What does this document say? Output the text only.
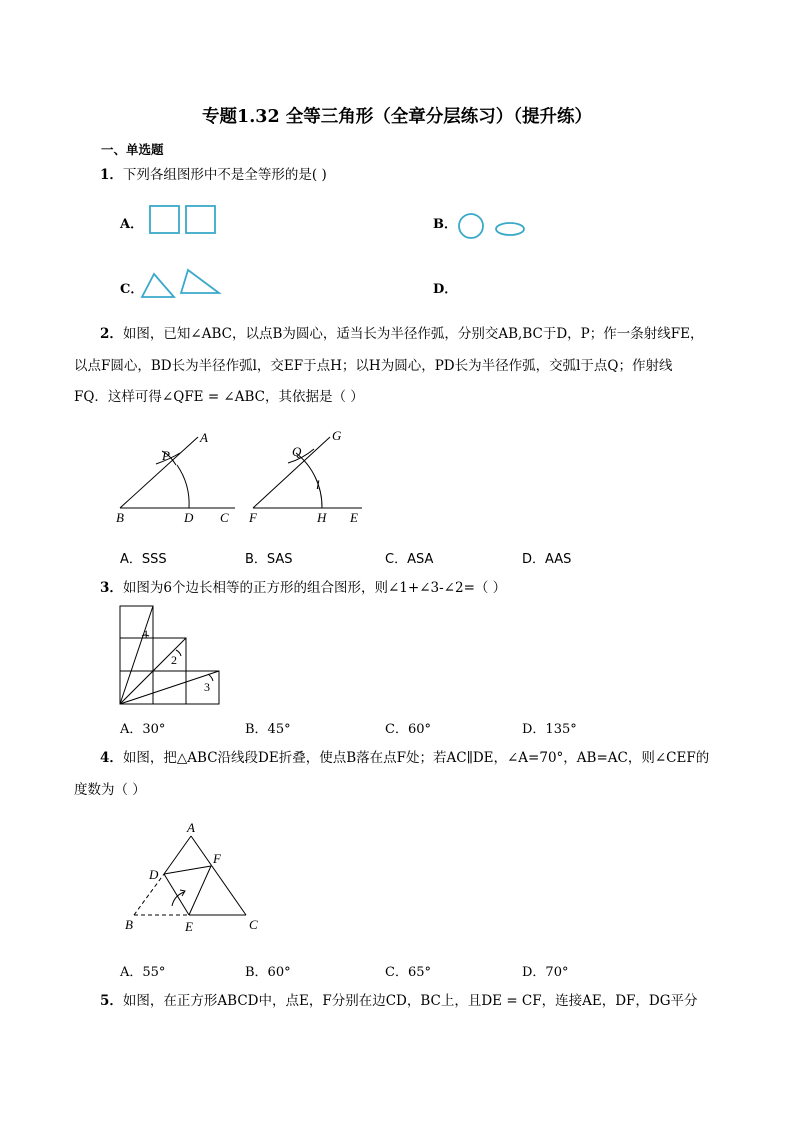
专题1.32 全等三角形（全章分层练习）（提升练）
一、单选题
1．下列各组图形中不是全等形的是( )
A．	B．
C．	D．
2．如图，已知∠ABC，以点B为圆心，适当长为半径作弧，分别交AB,BC于D，P；作一条射线FE，
以点F圆心，BD长为半径作弧l，交EF于点H；以H为圆心，PD长为半径作弧，交弧l于点Q；作射线
FQ．这样可得∠QFE = ∠ABC，其依据是（ ）
A
P
B	D C
G
Q
l
F	H E
A．SSS	B．SAS	C．ASA	D．AAS
3．如图为6个边长相等的正方形的组合图形，则∠1+∠3-∠2=（ ）
1
2
3
A．30°	B．45°	C．60°	D．135°
4．如图，把△ABC沿线段DE折叠，使点B落在点F处；若AC∥DE，∠A=70°，AB=AC，则∠CEF的
度数为（ ）
A
F
D
B	E	C
A．55°	B．60°	C．65°	D．70°
5．如图，在正方形ABCD中，点E，F分别在边CD，BC上，且DE = CF，连接AE，DF，DG平分
